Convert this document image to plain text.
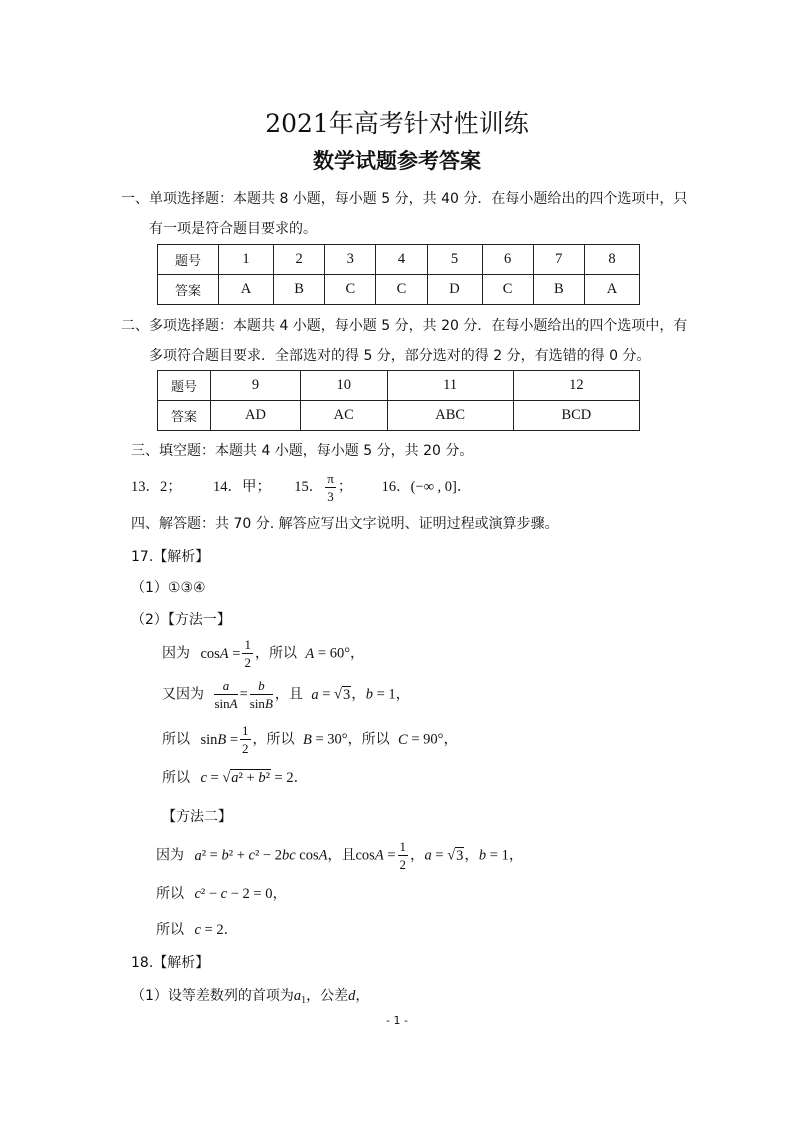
2021年高考针对性训练
数学试题参考答案
一、单项选择题：本题共 8 小题，每小题 5 分，共 40 分．在每小题给出的四个选项中，只
有一项是符合题目要求的。
题号	1	2	3	4	5	6	7	8
答案	A	B	C	C	D	C	B	A
二、多项选择题：本题共 4 小题，每小题 5 分，共 20 分．在每小题给出的四个选项中，有
多项符合题目要求．全部选对的得 5 分，部分选对的得 2 分，有选错的得 0 分。
题号	9	10	11	12
答案	AD	AC	ABC	BCD
三、填空题：本题共 4 小题，每小题 5 分，共 20 分。
13．2； 14．甲； 15． $\frac{\pi}{3}$ ； 16．(−∞ , 0]．
四、解答题：共 70 分. 解答应写出文字说明、证明过程或演算步骤。
17.【解析】
（1）①③④
（2）【方法一】
因为 $\cos A = \frac{1}{2}$ ，所以 A = 60°，
又因为 $\frac{a}{\sin A} = \frac{b}{\sin B}$ ，且 a = √3，b = 1，
所以 $\sin B = \frac{1}{2}$ ，所以 B = 30°，所以 C = 90°，
所以 c = √a² + b² = 2．
【方法二】
因为 a² = b² + c² − 2bc cosA，且$\cos A = \frac{1}{2}$ ，a = √3，b = 1，
所以 c² − c − 2 = 0，
所以 c = 2．
18.【解析】
（1）设等差数列的首项为$a_1$，公差d，
- 1 -
